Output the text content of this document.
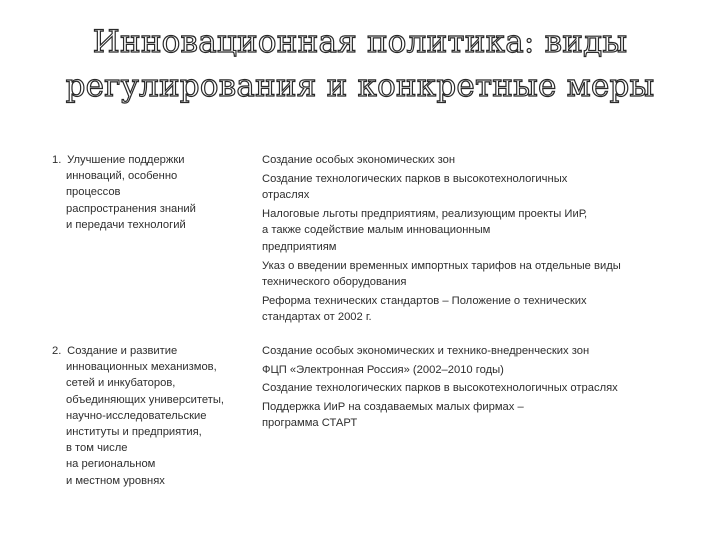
Инновационная политика: виды
регулирования и конкретные меры
1. Улучшение поддержки
инноваций, особенно
процессов
распространения знаний
и передачи технологий
Создание особых экономических зон
Создание технологических парков в высокотехнологичных
отраслях
Налоговые льготы предприятиям, реализующим проекты ИиР,
а также содействие малым инновационным
предприятиям
Указ о введении временных импортных тарифов на отдельные виды
технического оборудования
Реформа технических стандартов – Положение о технических
стандартах от 2002 г.
2. Создание и развитие
инновационных механизмов,
сетей и инкубаторов,
объединяющих университеты,
научно-исследовательские
институты и предприятия,
в том числе
на региональном
и местном уровнях
Создание особых экономических и технико-внедренческих зон
ФЦП «Электронная Россия» (2002–2010 годы)
Создание технологических парков в высокотехнологичных отраслях
Поддержка ИиР на создаваемых малых фирмах –
программа СТАРТ
